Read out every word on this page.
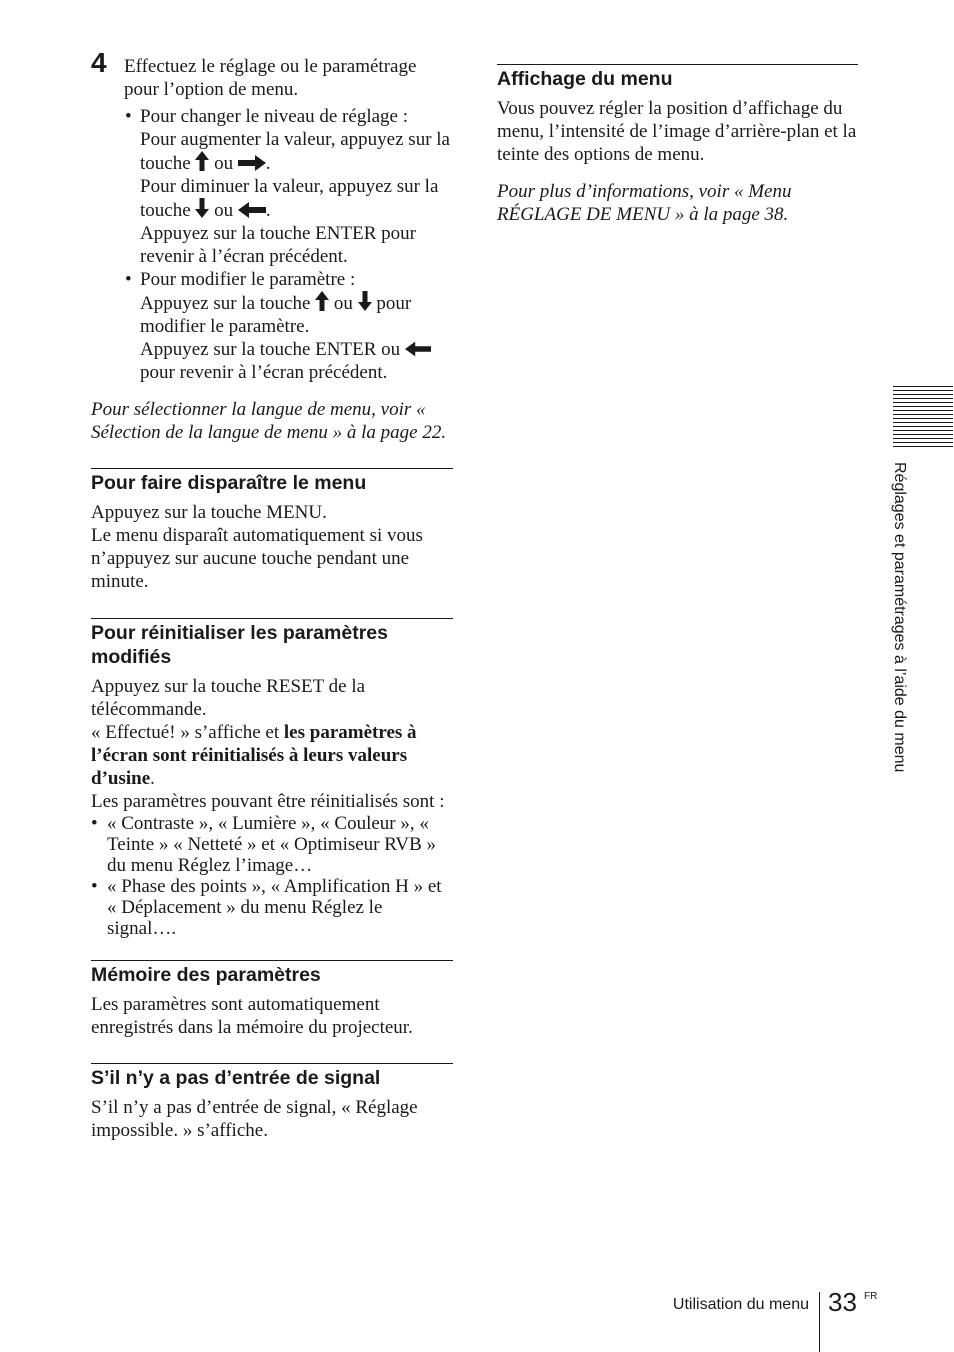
4 Effectuez le réglage ou le paramétrage pour l’option de menu.

• Pour changer le niveau de réglage :

Pour augmenter la valeur, appuyez sur la touche ou .

Pour diminuer la valeur, appuyez sur la touche ou .

Appuyez sur la touche ENTER pour revenir à l’écran précédent.

• Pour modifier le paramètre :

Appuyez sur la touche ou pour modifier le paramètre.

Appuyez sur la touche ENTER ou  pour revenir à l’écran précédent.

Pour sélectionner la langue de menu, voir « Sélection de la langue de menu » à la page 22.

Pour faire disparaître le menu

Appuyez sur la touche MENU.

Le menu disparaît automatiquement si vous n’appuyez sur aucune touche pendant une minute.

Pour réinitialiser les paramètres modifiés

Appuyez sur la touche RESET de la télécommande.

« Effectué! » s’affiche et les paramètres à l’écran sont réinitialisés à leurs valeurs d’usine.

Les paramètres pouvant être réinitialisés sont :

• « Contraste », « Lumière », « Couleur », « Teinte » « Netteté » et « Optimiseur RVB » du menu Réglez l’image…
• « Phase des points », « Amplification H » et « Déplacement » du menu Réglez le signal….
Mémoire des paramètres

Les paramètres sont automatiquement enregistrés dans la mémoire du projecteur.

S’il n’y a pas d’entrée de signal

S’il n’y a pas d’entrée de signal, « Réglage impossible. » s’affiche.

Affichage du menu

Vous pouvez régler la position d’affichage du menu, l’intensité de l’image d’arrière-plan et la teinte des options de menu.

Pour plus d’informations, voir « Menu RÉGLAGE DE MENU » à la page 38.

Réglages et paramétrages à l’aide du menu
Utilisation du menu 33 FR
